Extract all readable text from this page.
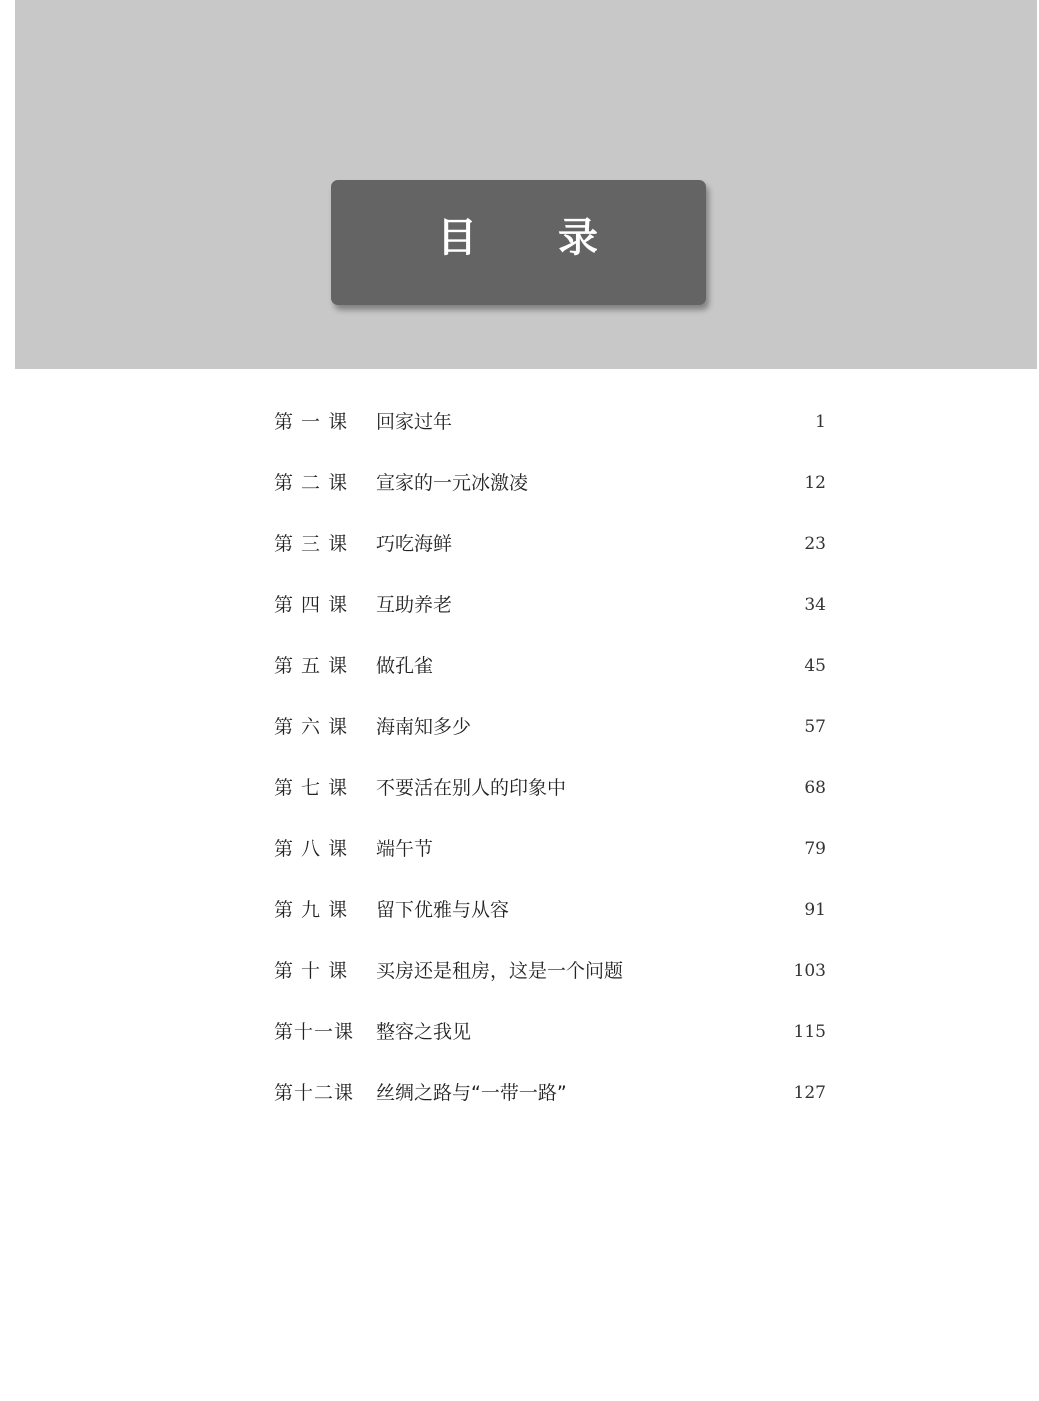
目 录
第 一 课 回家过年	1
第 二 课 宣家的一元冰激凌	12
第 三 课 巧吃海鲜	23
第 四 课 互助养老	34
第 五 课 做孔雀	45
第 六 课 海南知多少	57
第 七 课 不要活在别人的印象中	68
第 八 课 端午节	79
第 九 课 留下优雅与从容	91
第 十 课 买房还是租房，这是一个问题	103
第十一课 整容之我见	115
第十二课 丝绸之路与“一带一路”	127
